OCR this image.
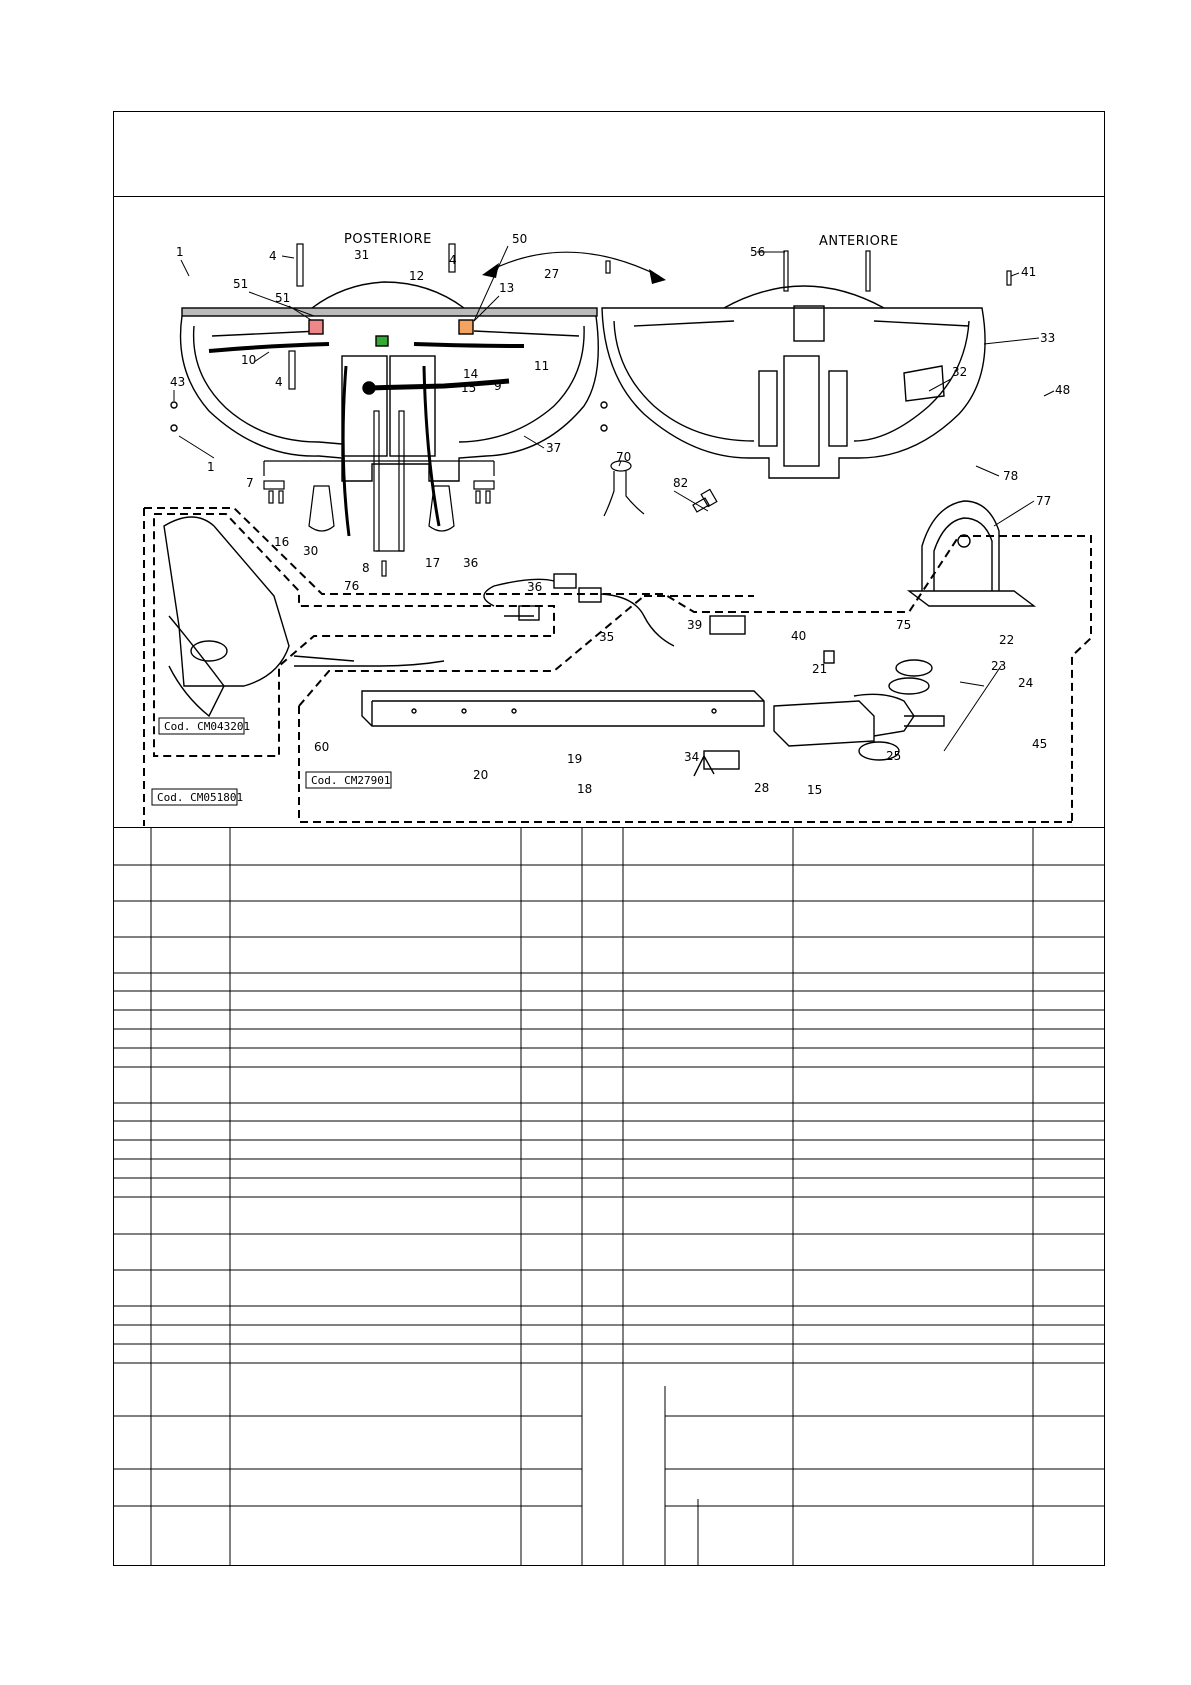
POSTERIORE	ANTERIORE
Cod. CM043201
Cod. CM27901
Cod. CM051801
1	4	31
50
12
4
13
27
51
51
10
43	4
14
15 9
11
1
37
7
16
30
76
8	17 36
56
41
33
32
48
70
82	78
77
36
35
39
40
75
22
21	23
24
60
34
19
20
18
25
45
28	15
